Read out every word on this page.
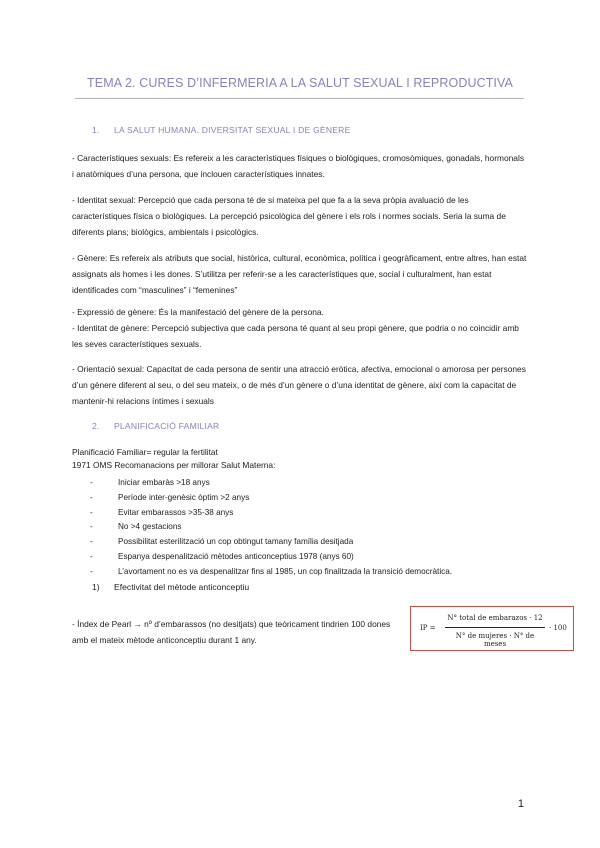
TEMA 2. CURES D’INFERMERIA A LA SALUT SEXUAL I REPRODUCTIVA
1. LA SALUT HUMANA. DIVERSITAT SEXUAL I DE GÈNERE

- Característiques sexuals: Es refereix a les característiques físiques o biològiques, cromosòmiques, gonadals, hormonals i anatòmiques d’una persona, que inclouen característiques innates.

- Identitat sexual: Percepció que cada persona té de si mateixa pel que fa a la seva pròpia avaluació de les característiques física o biològiques. La percepció psicològica del gènere i els rols i normes socials. Seria la suma de diferents plans; biològics, ambientals i psicològics.

- Gènere: Es refereix als atributs que social, històrica, cultural, econòmica, política i geogràficament, entre altres, han estat assignats als homes i les dones. S’utilitza per referir-se a les característiques que, social i culturalment, han estat identificades com “masculines” i “femenines”

- Expressió de gènere: És la manifestació del gènere de la persona.

- Identitat de gènere: Percepció subjectiva que cada persona té quant al seu propi gènere, que podria o no coincidir amb les seves característiques sexuals.

- Orientació sexual: Capacitat de cada persona de sentir una atracció eròtica, afectiva, emocional o amorosa per persones d’un gènere diferent al seu, o del seu mateix, o de més d’un gènere o d’una identitat de gènere, així com la capacitat de mantenir-hi relacions íntimes i sexuals

2. PLANIFICACIÓ FAMILIAR
Planificació Familiar= regular la fertilitat
1971 OMS Recomanacions per millorar Salut Materna:
-	Iniciar embaràs >18 anys
-	Període inter-genèsic òptim >2 anys
-	Evitar embarassos >35-38 anys
-	No >4 gestacions
-	Possibilitat esterilització un cop obtingut tamany família desitjada
-	Espanya despenalització mètodes anticonceptius 1978 (anys 60)
-	L’avortament no es va despenalitzar fins al 1985, un cop finalitzada la transició democràtica.
1) Efectivitat del mètode anticonceptiu
- Índex de Pearl → nº d’embarassos (no desitjats) que teòricament tindrien 100 dones amb el mateix mètode anticonceptiu durant 1 any.
IP =
N° total de embarazos · 12
N° de mujeres · N° de meses
· 100
1
